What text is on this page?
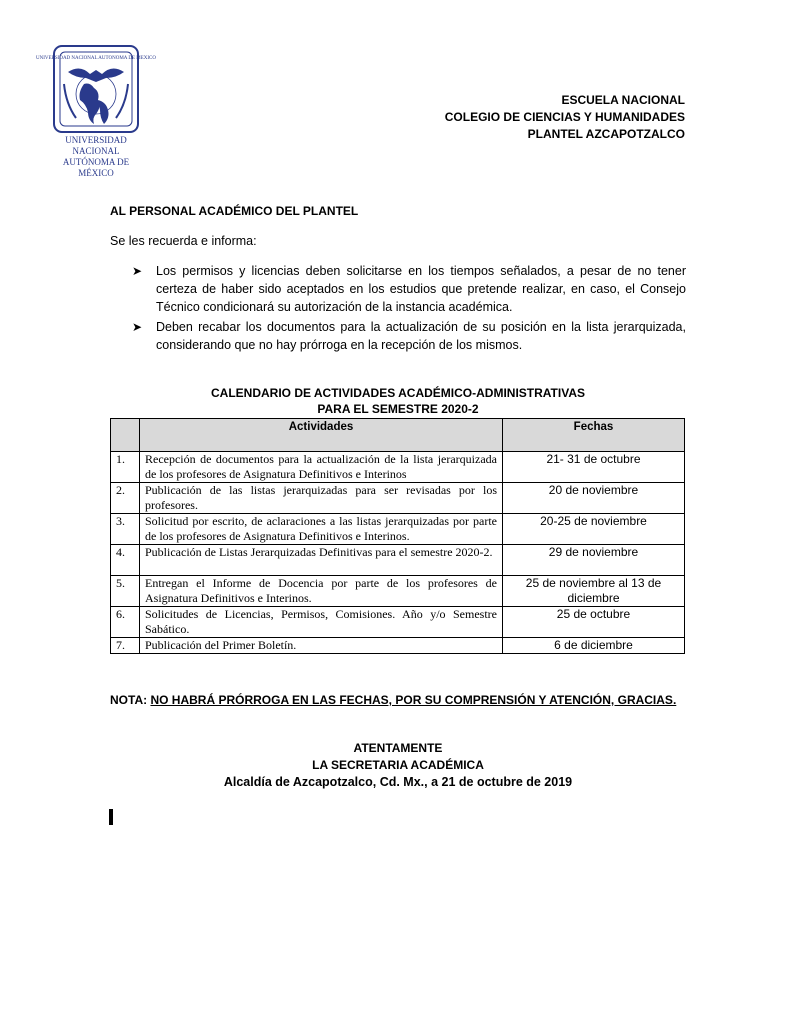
UNIVERSIDAD NACIONAL AUTONOMA DE MEXICO
UNIVERSIDAD NACIONAL
AUTÓNOMA DE
MÉXICO
ESCUELA NACIONAL
COLEGIO DE CIENCIAS Y HUMANIDADES
PLANTEL AZCAPOTZALCO
AL PERSONAL ACADÉMICO DEL PLANTEL
Se les recuerda e informa:
➤ Los permisos y licencias deben solicitarse en los tiempos señalados, a pesar de no tener certeza de haber sido aceptados en los estudios que pretende realizar, en caso, el Consejo Técnico condicionará su autorización de la instancia académica.
➤ Deben recabar los documentos para la actualización de su posición en la lista jerarquizada, considerando que no hay prórroga en la recepción de los mismos.
CALENDARIO DE ACTIVIDADES ACADÉMICO-ADMINISTRATIVAS
PARA EL SEMESTRE 2020-2
	Actividades	Fechas
1.	Recepción de documentos para la actualización de la lista jerarquizada de los profesores de Asignatura Definitivos e Interinos	21- 31 de octubre
2.	Publicación de las listas jerarquizadas para ser revisadas por los profesores.	20 de noviembre
3.	Solicitud por escrito, de aclaraciones a las listas jerarquizadas por parte de los profesores de Asignatura Definitivos e Interinos.	20-25 de noviembre
4.	Publicación de Listas Jerarquizadas Definitivas para el semestre 2020-2.	29 de noviembre
5.	Entregan el Informe de Docencia por parte de los profesores de Asignatura Definitivos e Interinos.	25 de noviembre al 13 de diciembre
6.	Solicitudes de Licencias, Permisos, Comisiones. Año y/o Semestre Sabático.	25 de octubre
7.	Publicación del Primer Boletín.	6 de diciembre
NOTA: NO HABRÁ PRÓRROGA EN LAS FECHAS, POR SU COMPRENSIÓN Y ATENCIÓN, GRACIAS.
ATENTAMENTE
LA SECRETARIA ACADÉMICA
Alcaldía de Azcapotzalco, Cd. Mx., a 21 de octubre de 2019
